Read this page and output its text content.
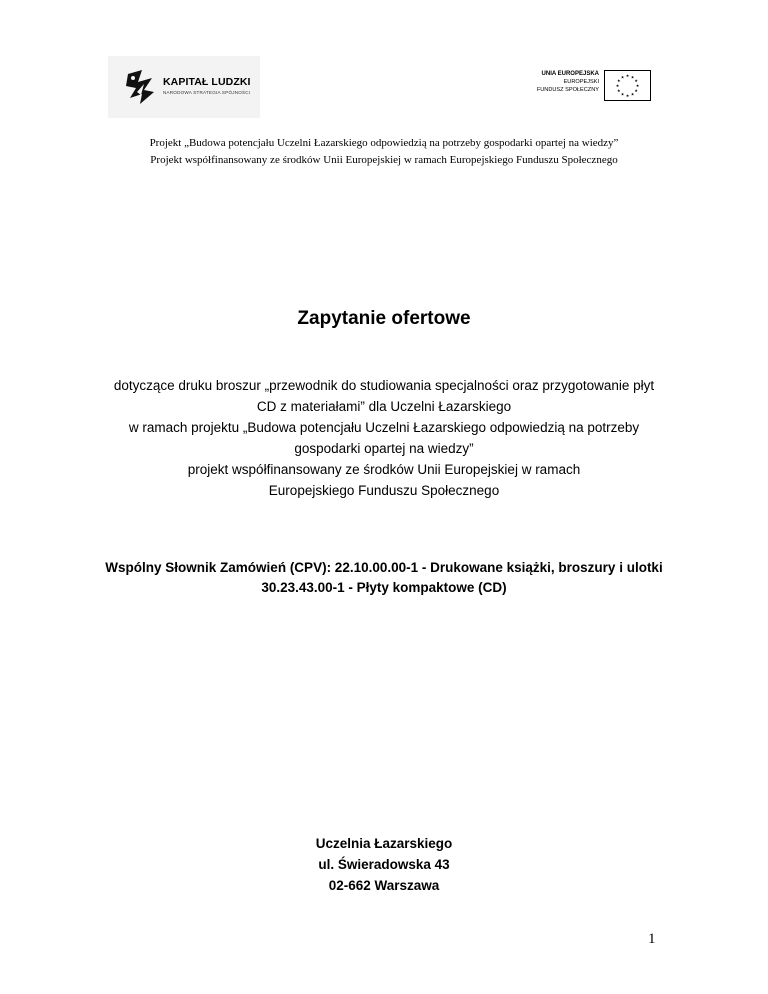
KAPITAŁ LUDZKI
NARODOWA STRATEGIA SPÓJNOŚCI
UNIA EUROPEJSKA
EUROPEJSKI
FUNDUSZ SPOŁECZNY
★ ★
★
★
★
★
★
★
★
★
★
★
Projekt „Budowa potencjału Uczelni Łazarskiego odpowiedzią na potrzeby gospodarki opartej na wiedzy”
Projekt współfinansowany ze środków Unii Europejskiej w ramach Europejskiego Funduszu Społecznego
Zapytanie ofertowe
dotyczące druku broszur „przewodnik do studiowania specjalności oraz przygotowanie płyt
CD z materiałami” dla Uczelni Łazarskiego
w ramach projektu „Budowa potencjału Uczelni Łazarskiego odpowiedzią na potrzeby
gospodarki opartej na wiedzy”
projekt współfinansowany ze środków Unii Europejskiej w ramach
Europejskiego Funduszu Społecznego
Wspólny Słownik Zamówień (CPV): 22.10.00.00-1 - Drukowane książki, broszury i ulotki
30.23.43.00-1 - Płyty kompaktowe (CD)
Uczelnia Łazarskiego
ul. Świeradowska 43
02-662 Warszawa
1
